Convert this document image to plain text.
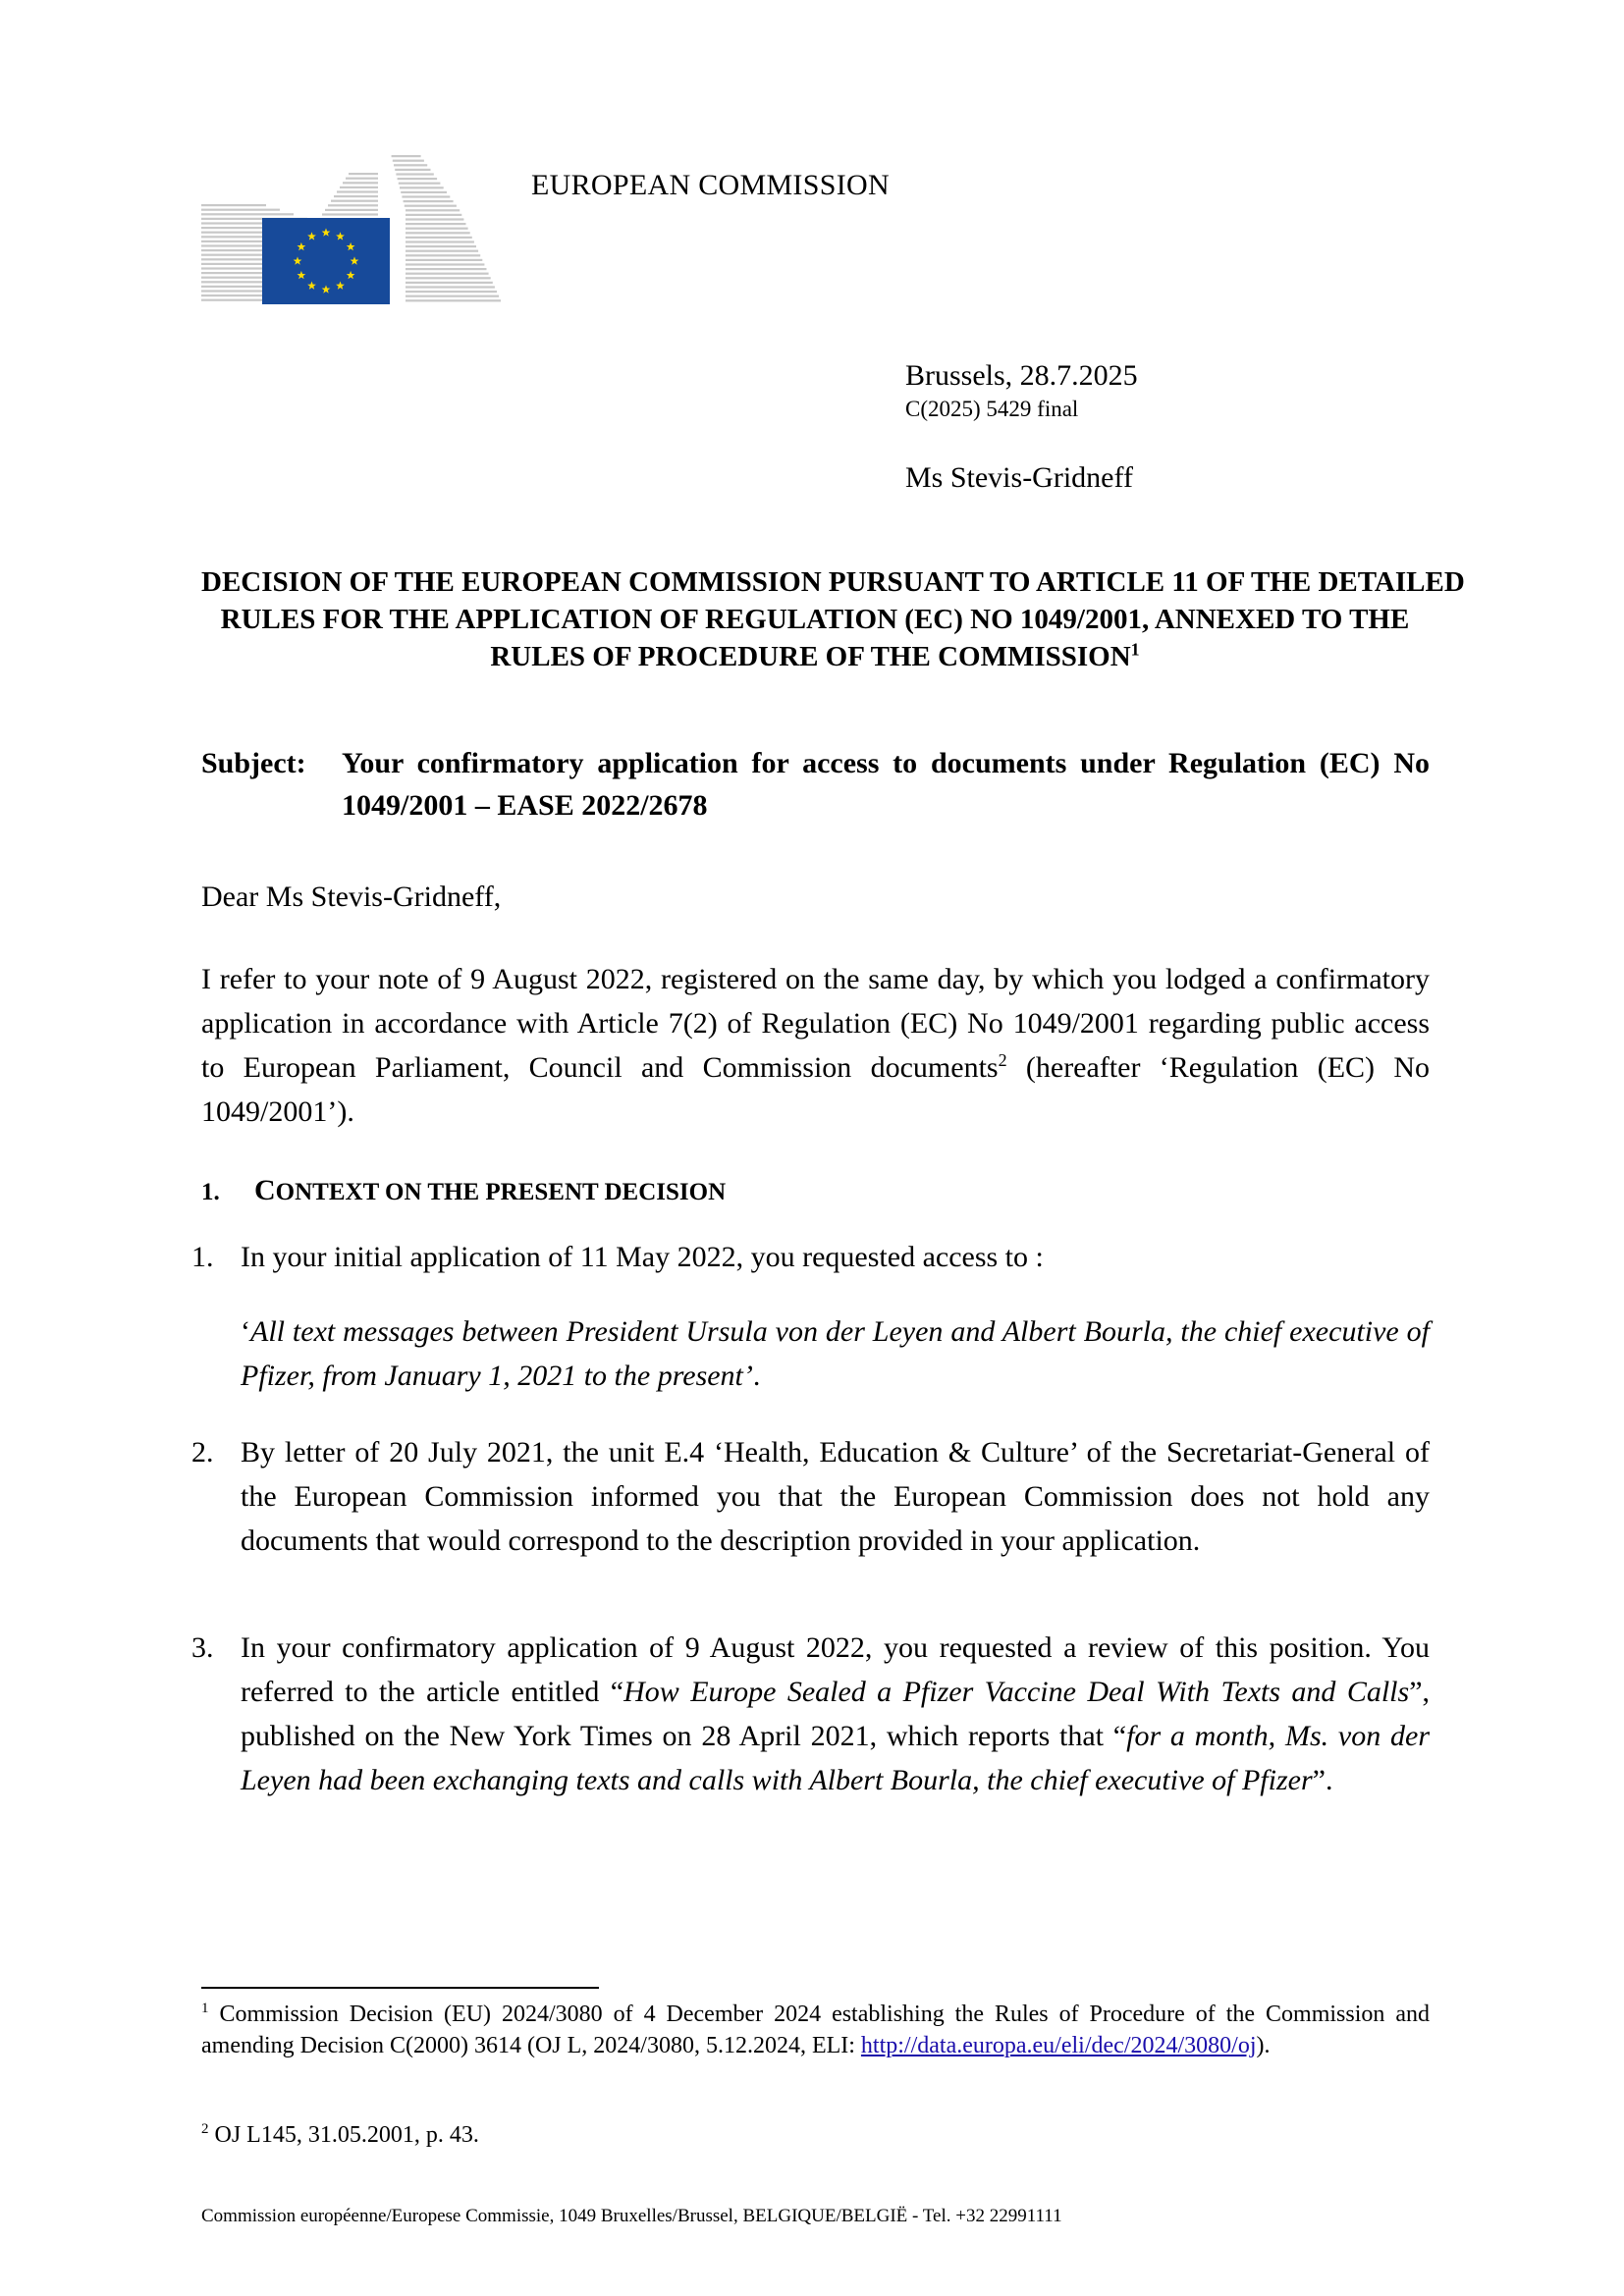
EUROPEAN COMMISSION
Brussels, 28.7.2025
C(2025) 5429 final
Ms Stevis-Gridneff
DECISION OF THE EUROPEAN COMMISSION PURSUANT TO ARTICLE 11 OF THE DETAILED
RULES FOR THE APPLICATION OF REGULATION (EC) NO 1049/2001, ANNEXED TO THE
RULES OF PROCEDURE OF THE COMMISSION$^1$
Subject: Your confirmatory application for access to documents under Regulation (EC) No 1049/2001 – EASE 2022/2678
Dear Ms Stevis-Gridneff,
I refer to your note of 9 August 2022, registered on the same day, by which you lodged a confirmatory application in accordance with Article 7(2) of Regulation (EC) No 1049/2001 regarding public access to European Parliament, Council and Commission documents$^2$ (hereafter ‘Regulation (EC) No 1049/2001’).
1. CONTEXT ON THE PRESENT DECISION
1. In your initial application of 11 May 2022, you requested access to :
‘All text messages between President Ursula von der Leyen and Albert Bourla, the chief executive of Pfizer, from January 1, 2021 to the present’.
2. By letter of 20 July 2021, the unit E.4 ‘Health, Education & Culture’ of the Secretariat-General of the European Commission informed you that the European Commission does not hold any documents that would correspond to the description provided in your application.
3. In your confirmatory application of 9 August 2022, you requested a review of this position. You referred to the article entitled “How Europe Sealed a Pfizer Vaccine Deal With Texts and Calls”, published on the New York Times on 28 April 2021, which reports that “for a month, Ms. von der Leyen had been exchanging texts and calls with Albert Bourla, the chief executive of Pfizer”.
$^1$ Commission Decision (EU) 2024/3080 of 4 December 2024 establishing the Rules of Procedure of the Commission and amending Decision C(2000) 3614 (OJ L, 2024/3080, 5.12.2024, ELI: http://data.europa.eu/eli/dec/2024/3080/oj).
$^2$ OJ L145, 31.05.2001, p. 43.
Commission européenne/Europese Commissie, 1049 Bruxelles/Brussel, BELGIQUE/BELGIË - Tel. +32 22991111
